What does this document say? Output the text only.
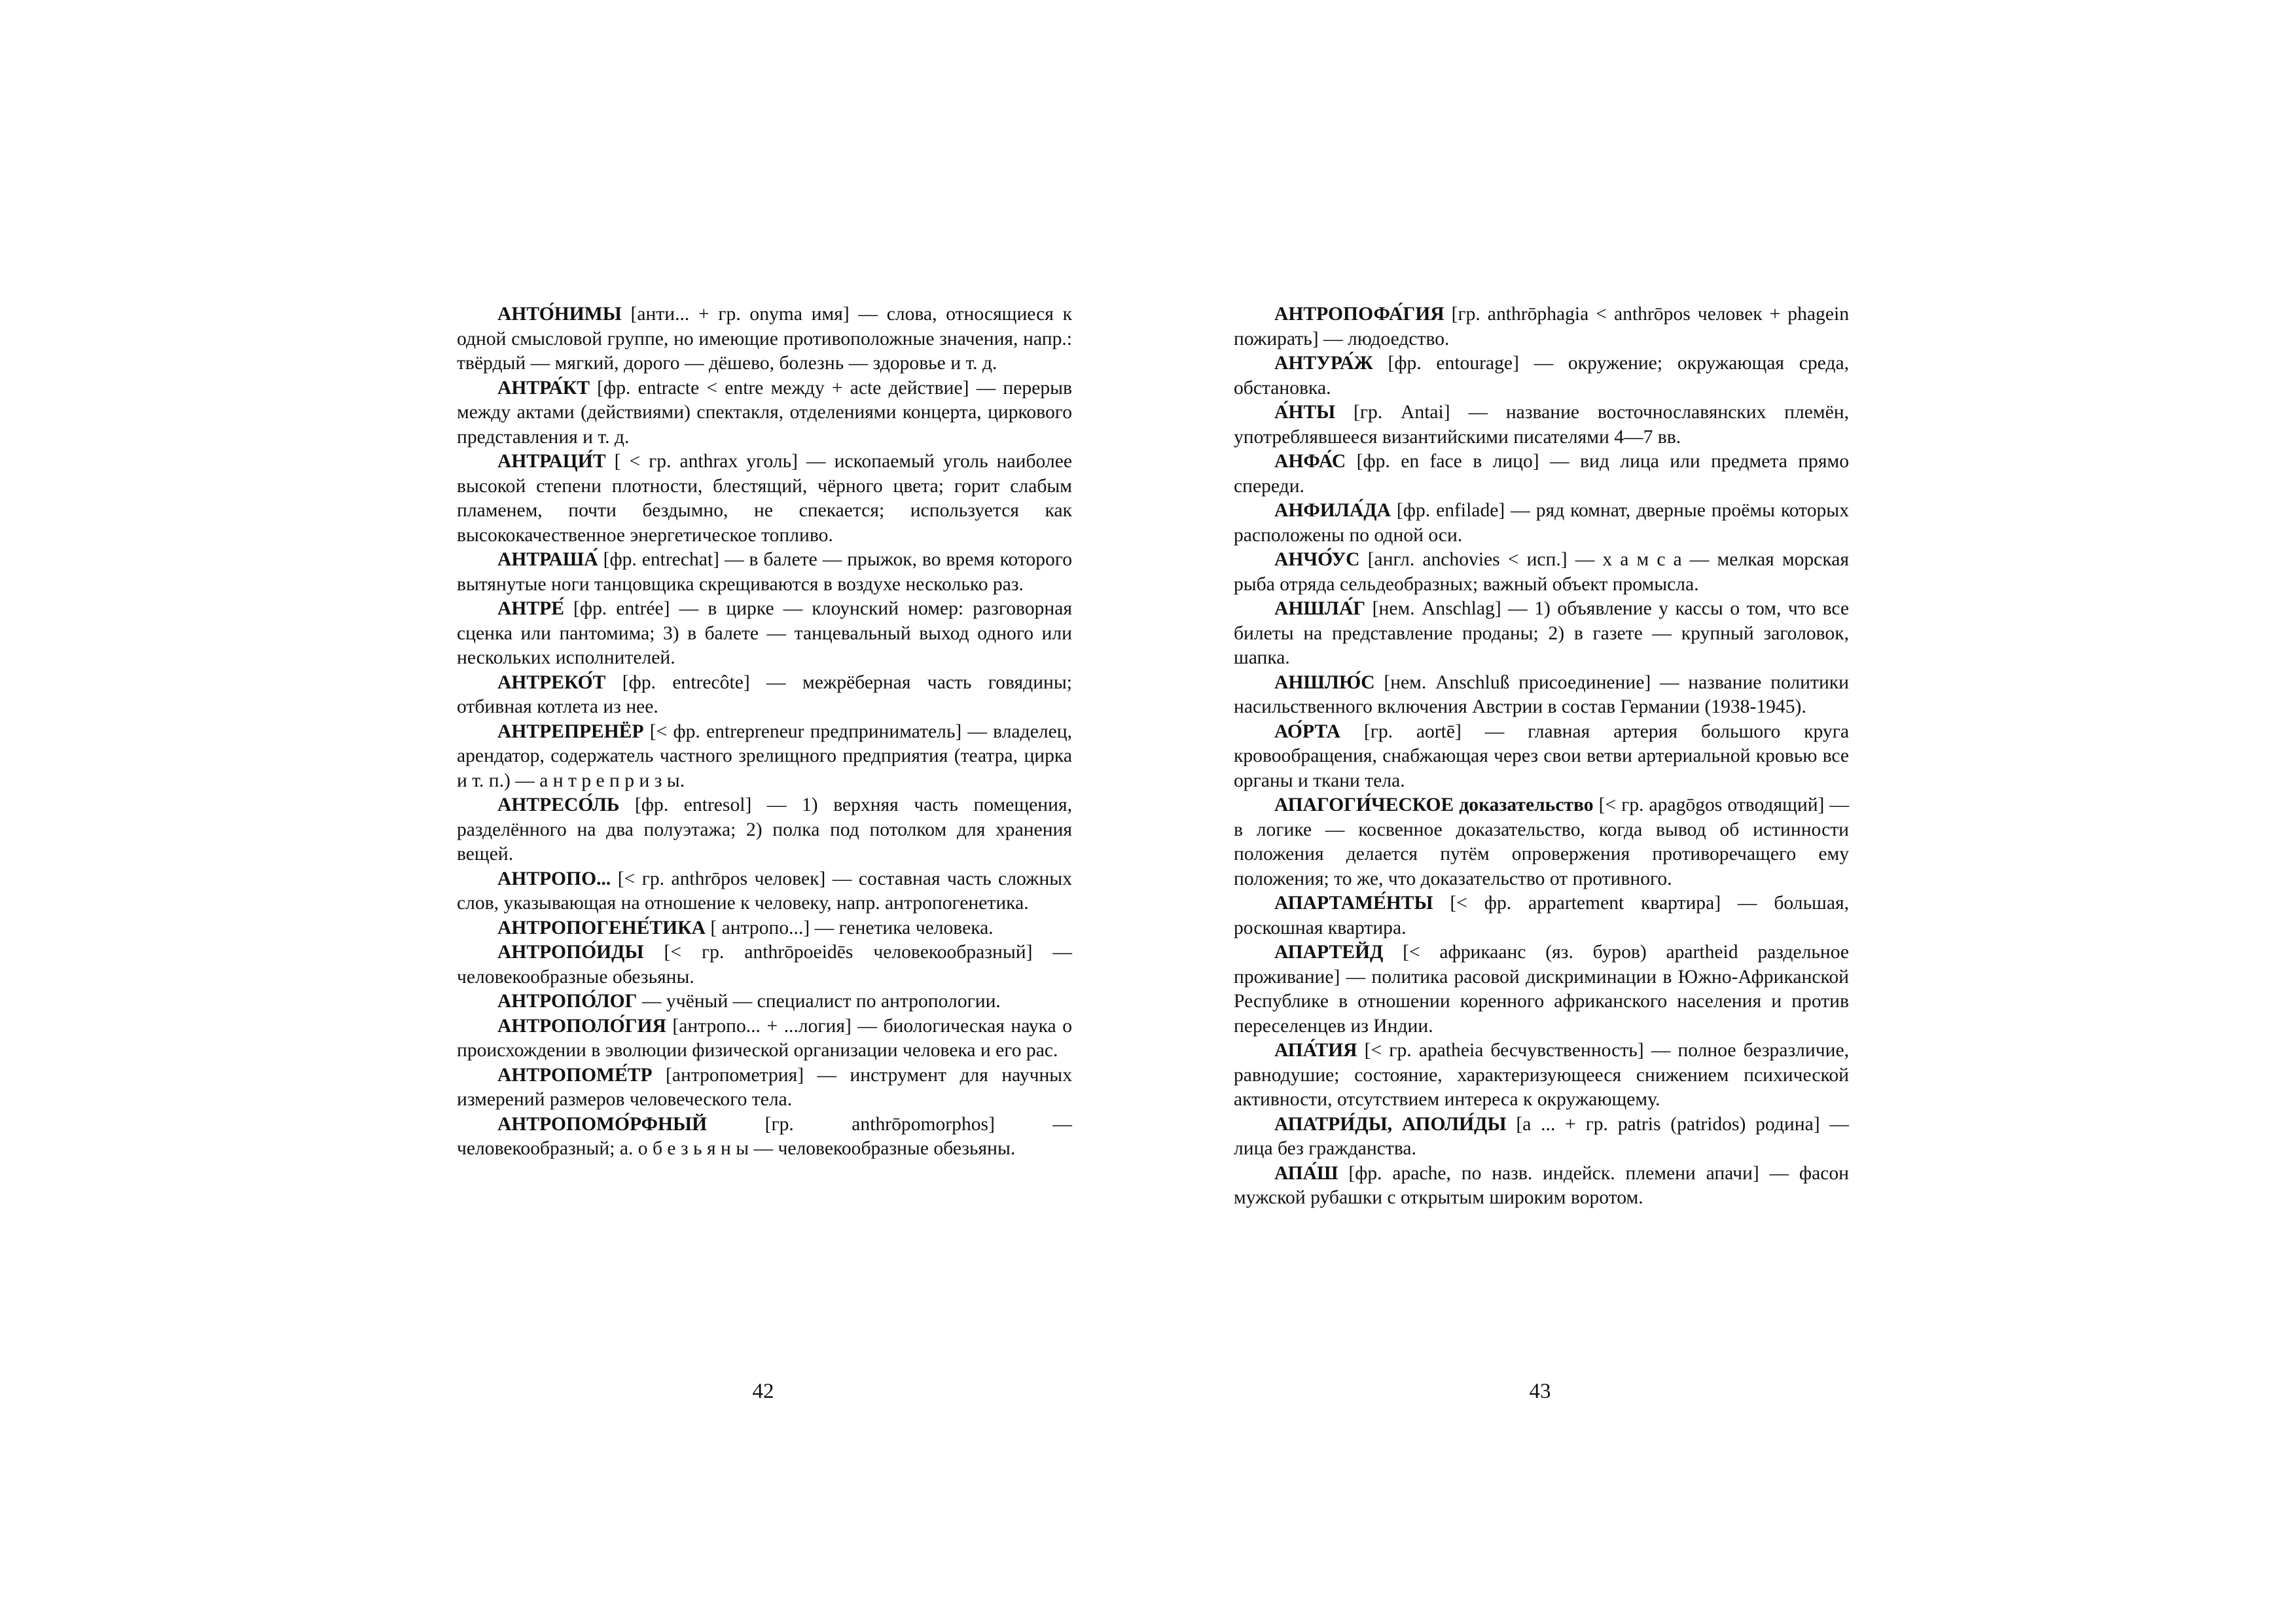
АНТО́НИМЫ [анти... + гр. onyma имя] — слова, относящиеся к одной смысловой группе, но имеющие противоположные значения, напр.: твёрдый — мягкий, дорого — дёшево, болезнь — здоровье и т. д.

АНТРА́КТ [фр. entracte < entre между + acte действие] — перерыв между актами (действиями) спектакля, отделениями концерта, циркового представления и т. д.

АНТРАЦИ́Т [ < гр. anthrax уголь] — ископаемый уголь наиболее высокой степени плотности, блестящий, чёрного цвета; горит слабым пламенем, почти бездымно, не спекается; используется как высококачественное энергетическое топливо.

АНТРАША́ [фр. entrechat] — в балете — прыжок, во время которого вытянутые ноги танцовщика скрещиваются в воздухе несколько раз.

АНТРЕ́ [фр. entrée] — в цирке — клоунский номер: разговорная сценка или пантомима; 3) в балете — танцевальный выход одного или нескольких исполнителей.

АНТРЕКО́Т [фр. entrecôte] — межрёберная часть говядины; отбивная котлета из нее.

АНТРЕПРЕНЁР [< фр. entrepreneur предприниматель] — владелец, арендатор, содержатель частного зрелищного предприятия (театра, цирка и т. п.) — а н т р е п р и з ы.

АНТРЕСО́ЛЬ [фр. entresol] — 1) верхняя часть помещения, разделённого на два полуэтажа; 2) полка под потолком для хранения вещей.

АНТРОПО... [< гр. anthrōpos человек] — составная часть сложных слов, указывающая на отношение к человеку, напр. антропогенетика.

АНТРОПОГЕНЕ́ТИКА [ антропо...] — генетика человека.

АНТРОПО́ИДЫ [< гр. anthrōpoeidēs человекообразный] — человекообразные обезьяны.

АНТРОПО́ЛОГ — учёный — специалист по антропологии.

АНТРОПОЛО́ГИЯ [антропо... + ...логия] — биологическая наука о происхождении в эволюции физической организации человека и его рас.

АНТРОПОМЕ́ТР [антропометрия] — инструмент для научных измерений размеров человеческого тела.

АНТРОПОМО́РФНЫЙ [гр. anthrōpomorphos] — человекообразный; а. о б е з ь я н ы — человекообразные обезьяны.

42

АНТРОПОФА́ГИЯ [гр. anthrōphagia < anthrōpos человек + phagein пожирать] — людоедство.

АНТУРА́Ж [фр. entourage] — окружение; окружающая среда, обстановка.

А́НТЫ [гр. Antai] — название восточнославянских племён, употреблявшееся византийскими писателями 4—7 вв.

АНФА́С [фр. en face в лицо] — вид лица или предмета прямо спереди.

АНФИЛА́ДА [фр. enfilade] — ряд комнат, дверные проёмы которых расположены по одной оси.

АНЧО́УС [англ. anchovies < исп.] — х а м с а — мелкая морская рыба отряда сельдеобразных; важный объект промысла.

АНШЛА́Г [нем. Anschlag] — 1) объявление у кассы о том, что все билеты на представление проданы; 2) в газете — крупный заголовок, шапка.

АНШЛЮ́С [нем. Anschluß присоединение] — название политики насильственного включения Австрии в состав Германии (1938-1945).

АО́РТА [гр. aortē] — главная артерия большого круга кровообращения, снабжающая через свои ветви артериальной кровью все органы и ткани тела.

АПАГОГИ́ЧЕСКОЕ доказательство [< гр. apagōgos отводящий] — в логике — косвенное доказательство, когда вывод об истинности положения делается путём опровержения противоречащего ему положения; то же, что доказательство от противного.

АПАРТАМЕ́НТЫ [< фр. appartement квартира] — большая, роскошная квартира.

АПАРТЕЙД [< африкаанс (яз. буров) apartheid раздельное проживание] — политика расовой дискриминации в Южно-Африканской Республике в отношении коренного африканского населения и против переселенцев из Индии.

АПА́ТИЯ [< гр. apatheia бесчувственность] — полное безразличие, равнодушие; состояние, характеризующееся снижением психической активности, отсутствием интереса к окружающему.

АПАТРИ́ДЫ, АПОЛИ́ДЫ [а ... + гр. patris (patridos) родина] — лица без гражданства.

АПА́Ш [фр. apache, по назв. индейск. племени апачи] — фасон мужской рубашки с открытым широким воротом.

43
